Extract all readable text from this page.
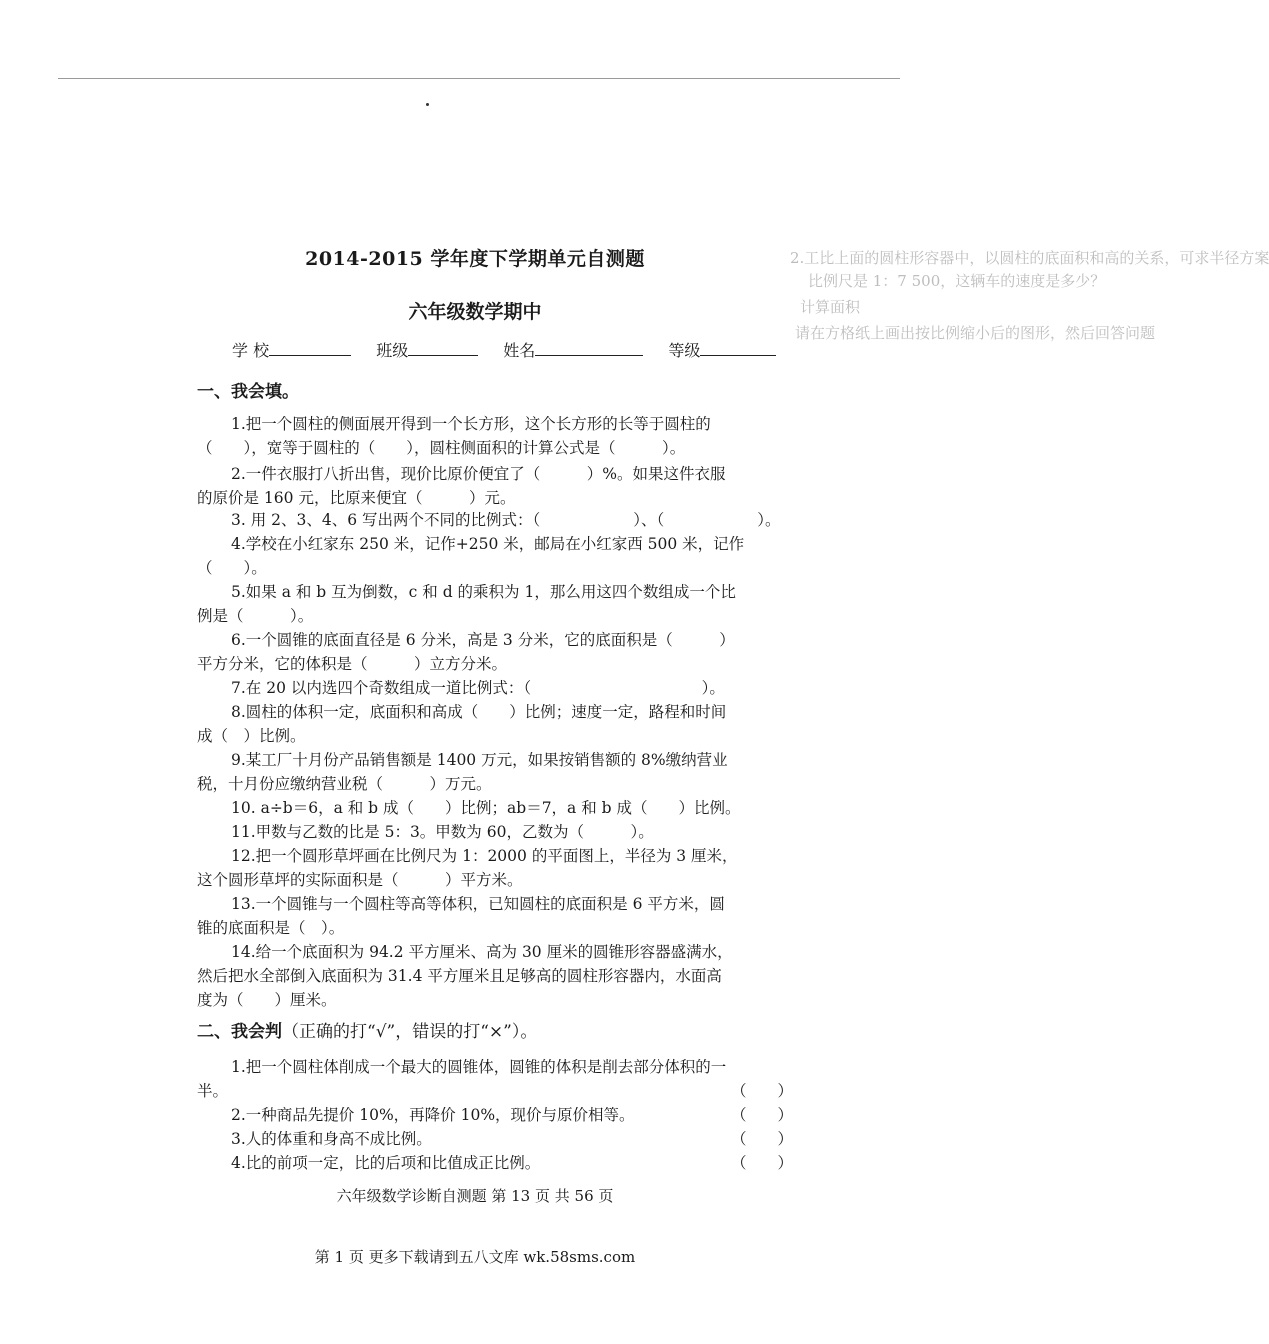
2.工比上面的圆柱形容器中，以圆柱的底面积和高的关系，可求半径方案
比例尺是 1：7 500，这辆车的速度是多少？
计算面积
请在方格纸上画出按比例缩小后的图形，然后回答问题
2014-2015 学年度下学期单元自测题
六年级数学期中
学 校	班级	姓名	等级
一、我会填。
1.把一个圆柱的侧面展开得到一个长方形，这个长方形的长等于圆柱的
（　　），宽等于圆柱的（　　），圆柱侧面积的计算公式是（　　　）。
2.一件衣服打八折出售，现价比原价便宜了（　　　）%。如果这件衣服
的原价是 160 元，比原来便宜（　　　）元。
3. 用 2、3、4、6 写出两个不同的比例式：（　　　　　　）、（　　　　　　）。
4.学校在小红家东 250 米，记作+250 米，邮局在小红家西 500 米，记作
（　　）。
5.如果 a 和 b 互为倒数，c 和 d 的乘积为 1，那么用这四个数组成一个比
例是（　　　）。
6.一个圆锥的底面直径是 6 分米，高是 3 分米，它的底面积是（　　　）
平方分米，它的体积是（　　　）立方分米。
7.在 20 以内选四个奇数组成一道比例式：（　　　　　　　　　　　）。
8.圆柱的体积一定，底面积和高成（　　）比例；速度一定，路程和时间
成（　）比例。
9.某工厂十月份产品销售额是 1400 万元，如果按销售额的 8%缴纳营业
税，十月份应缴纳营业税（　　　）万元。
10. a÷b＝6，a 和 b 成（　　）比例；ab＝7，a 和 b 成（　　）比例。
11.甲数与乙数的比是 5：3。甲数为 60，乙数为（　　　）。
12.把一个圆形草坪画在比例尺为 1：2000 的平面图上，半径为 3 厘米，
这个圆形草坪的实际面积是（　　　）平方米。
13.一个圆锥与一个圆柱等高等体积，已知圆柱的底面积是 6 平方米，圆
锥的底面积是（　）。
14.给一个底面积为 94.2 平方厘米、高为 30 厘米的圆锥形容器盛满水，
然后把水全部倒入底面积为 31.4 平方厘米且足够高的圆柱形容器内，水面高
度为（　　）厘米。
二、我会判（正确的打“√”，错误的打“×”）。
1.把一个圆柱体削成一个最大的圆锥体，圆锥的体积是削去部分体积的一
半。	（　　）
2.一种商品先提价 10%，再降价 10%，现价与原价相等。	（　　）
3.人的体重和身高不成比例。	（　　）
4.比的前项一定，比的后项和比值成正比例。	（　　）
六年级数学诊断自测题 第 13 页 共 56 页
第 1 页 更多下载请到五八文库 wk.58sms.com
